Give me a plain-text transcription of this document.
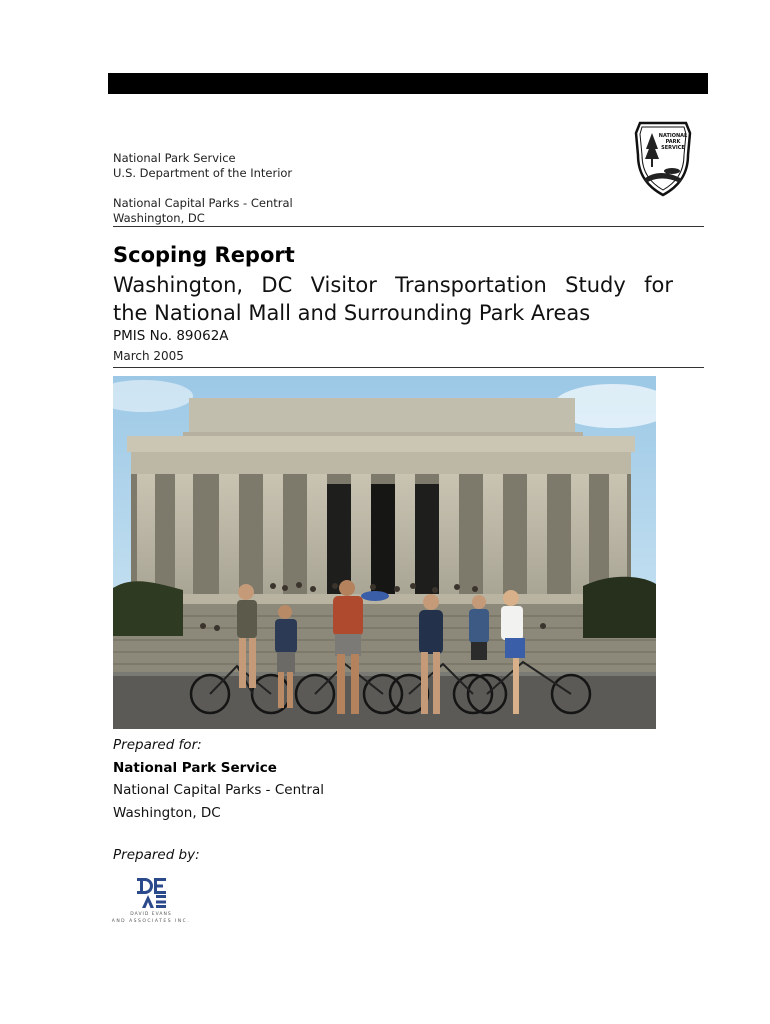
National Park Service
U.S. Department of the Interior
National Capital Parks - Central
Washington, DC
NATIONAL
PARK
SERVICE
Scoping Report
Washington, DC Visitor Transportation Study for
the National Mall and Surrounding Park Areas
PMIS No. 89062A
March 2005
Prepared for:
National Park Service
National Capital Parks - Central
Washington, DC
Prepared by:
DAVID EVANS
AND ASSOCIATES INC.
